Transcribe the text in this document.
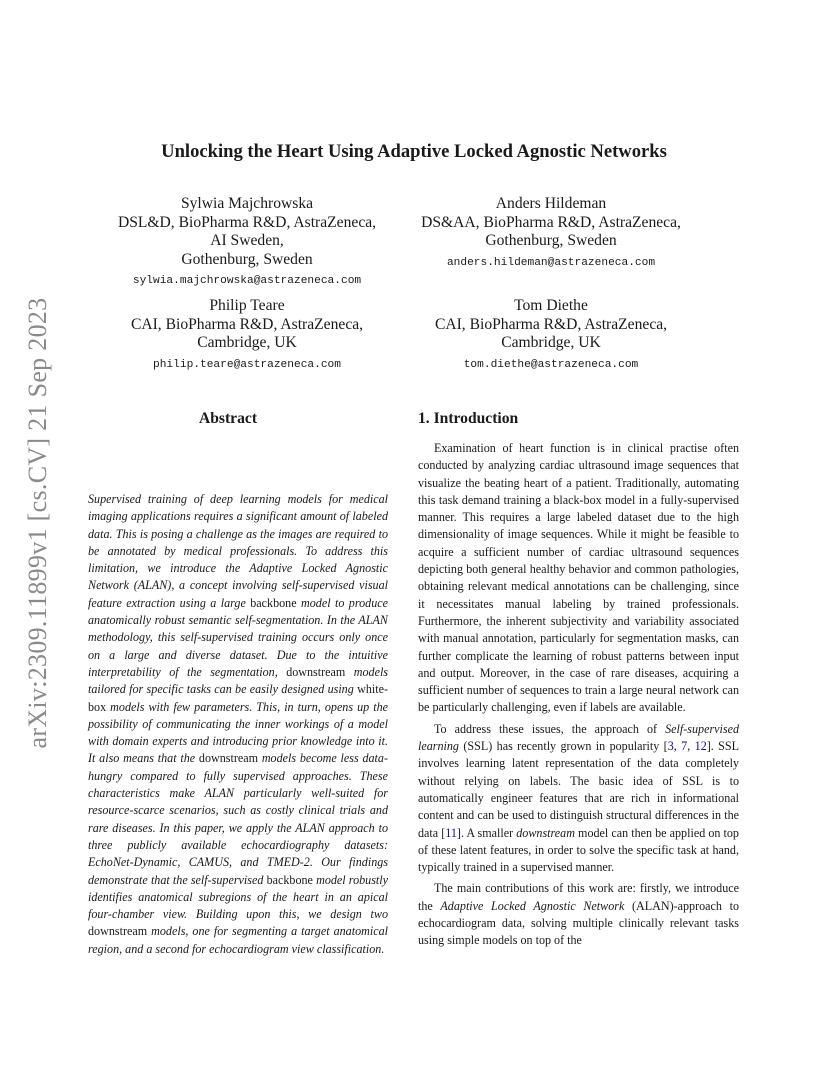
arXiv:2309.11899v1 [cs.CV] 21 Sep 2023
Unlocking the Heart Using Adaptive Locked Agnostic Networks
Sylwia Majchrowska
DSL&D, BioPharma R&D, AstraZeneca,
AI Sweden,
Gothenburg, Sweden
sylwia.majchrowska@astrazeneca.com
Anders Hildeman
DS&AA, BioPharma R&D, AstraZeneca,
Gothenburg, Sweden
anders.hildeman@astrazeneca.com
Philip Teare
CAI, BioPharma R&D, AstraZeneca,
Cambridge, UK
philip.teare@astrazeneca.com
Tom Diethe
CAI, BioPharma R&D, AstraZeneca,
Cambridge, UK
tom.diethe@astrazeneca.com
Abstract

Supervised training of deep learning models for medical imaging applications requires a significant amount of labeled data. This is posing a challenge as the images are required to be annotated by medical professionals. To address this limitation, we introduce the Adaptive Locked Agnostic Network (ALAN), a concept involving self-supervised visual feature extraction using a large backbone model to produce anatomically robust semantic self-segmentation. In the ALAN methodology, this self-supervised training occurs only once on a large and diverse dataset. Due to the intuitive interpretability of the segmentation, downstream models tailored for specific tasks can be easily designed using white-box models with few parameters. This, in turn, opens up the possibility of communicating the inner workings of a model with domain experts and introducing prior knowledge into it. It also means that the downstream models become less data-hungry compared to fully supervised approaches. These characteristics make ALAN particularly well-suited for resource-scarce scenarios, such as costly clinical trials and rare diseases. In this paper, we apply the ALAN approach to three publicly available echocardiography datasets: EchoNet-Dynamic, CAMUS, and TMED-2. Our findings demonstrate that the self-supervised backbone model robustly identifies anatomical subregions of the heart in an apical four-chamber view. Building upon this, we design two downstream models, one for segmenting a target anatomical region, and a second for echocardiogram view classification.

1. Introduction

Examination of heart function is in clinical practise often conducted by analyzing cardiac ultrasound image sequences that visualize the beating heart of a patient. Traditionally, automating this task demand training a black-box model in a fully-supervised manner. This requires a large labeled dataset due to the high dimensionality of image sequences. While it might be feasible to acquire a sufficient number of cardiac ultrasound sequences depicting both general healthy behavior and common pathologies, obtaining relevant medical annotations can be challenging, since it necessitates manual labeling by trained professionals. Furthermore, the inherent subjectivity and variability associated with manual annotation, particularly for segmentation masks, can further complicate the learning of robust patterns between input and output. Moreover, in the case of rare diseases, acquiring a sufficient number of sequences to train a large neural network can be particularly challenging, even if labels are available.

To address these issues, the approach of Self-supervised learning (SSL) has recently grown in popularity [3, 7, 12]. SSL involves learning latent representation of the data completely without relying on labels. The basic idea of SSL is to automatically engineer features that are rich in informational content and can be used to distinguish structural differences in the data [11]. A smaller downstream model can then be applied on top of these latent features, in order to solve the specific task at hand, typically trained in a supervised manner.

The main contributions of this work are: firstly, we introduce the Adaptive Locked Agnostic Network (ALAN)-approach to echocardiogram data, solving multiple clinically relevant tasks using simple models on top of the
